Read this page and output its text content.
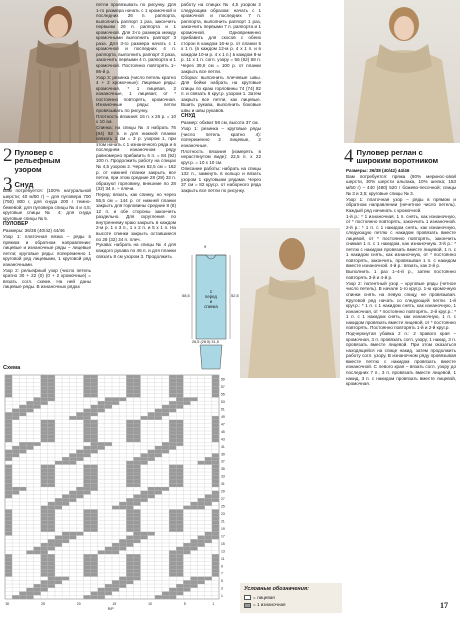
2 Пуловер с рельефным узором
3 Снуд

Вам потребуется: (100% натуральной шерсти; 40 м/50 г) – для пуловера 700 (750) 800 г, для снуда 200 г темно-бежевой; для пуловера спицы № 4 и 4,5; круговые спицы № 4; для снуда круговые спицы № 5.

ПУЛОВЕР

Размеры: 36/38 (40/42) 44/46

Узор 1: платочная вязка – ряды в прямом и обратном направлении: лицевые и изнаночные ряды – лицевые петли; круговые ряды: попеременно 1 круговой ряд лицевыми, 1 круговой ряд изнаночными.

Узор 2: рельефный узор (число петель кратно 30 + 22 (0) (0 + 2 кромочные) = вязать согл. схеме. На ней даны лицевые ряды. В изнаночных рядах

петли провязывать по рисунку. Для 1-го размера начать с 1 кромочной и последних 26 п. раппорта, выполнить раппорт 1 раз, закончить первыми 26 п. раппорта и 1 кромочной. Для 2-го размера между кромочными выполнить раппорт 3 раза. Для 3-го размера начать с 1 кромочной и последних 4 п. раппорта, выполнить раппорт 3 раза, закончить первыми 4 п. раппорта и 1 кромочной. Постоянно повторять 1–86-й р.

Узор 3: резинка (число петель кратно 4 + 2 кромочные): Лицевые ряды: кромочная, * 1 лицевая, 2 изнаночные, 1 лицевая; от * постоянно повторять, кромочная. Изнаночные ряды: петли провязывать по рисунку.

Плотность вязания: 16 п. х 26 р. = 10 х 10 см.

Спинка: на спицы № 4 набрать 76 (84) 92 п. и для нижней планки связать 1 см = 3 р. узором 1, при этом начать с 1 изнаночного ряда и в последнем изнаночном ряду равномерно прибавить 5 п. = 84 (92) 100 п. Продолжить работу на спицах № 4,5 узором 2. Через 62,5 см = 162 р. от нижней планки закрыть все петли, при этом средние 28 (28) 32 п. образуют горловину, внешние по 28 (32) 34 п. – плечи.

Перед: вязать, как спинку, но через 55,5 см = 144 р. от нижней планки закрыть для горловины средние 8 (8) 12 п. и обе стороны закончить раздельно. Для скругления по внутреннему краю закрыть в каждом 2-м р. 1 х 3 п., 1 х 2 п. и 5 х 1 п. На высоте спинки закрыть оставшиеся по 28 (32) 34 п. плеч.

Рукава: набрать на спицы № 4 для каждого рукава по 46 п. и для планки связать 8 см узором 3. Продолжить

работу на спицах № 4,5 узором 2 следующим образом: начать с 1 кромочной и последних 7 п. раппорта, выполнить раппорт 1 раз, закончить первыми 7 п. раппорта и 1 кромочной. Одновременно прибавить для скосов с обеих сторон в каждом 16-м р. от планки 5 х 1 п. (в каждом 12-м р. 4 х 1 п. и в каждом 10-м р. 4 х 1 п.) в каждом 8-м р. 11 х 1 п. согл. узору = 56 (62) 68 п. Через 39,5 см = 100 р. от планки закрыть все петли.

Сборка: выполнить плечевые швы. Для бейки набрать на круговые спицы по краю горловины 74 (74) 82 п. и связать 6 круг.р. узором 1. Затем закрыть все петли, как лицевые. Вшить рукава, выполнить боковые швы и швы рукавов.

СНУД

Размер: обхват 58 см, высота 37 см.

Узор 1: резинка – круговые ряды (число петель кратно 4): попеременно 2 лицевые, 2 изнаночные.

Плотность вязания (измерять в нерастянутом виде): 22,5 п. х 22 круг.р. = 10 х 10 см.

Описание работы: набрать на спицы 132 п., замкнуть в кольцо и вязать узором 1 круговыми рядами. Через 37 см = 82 круг.р. от наборного ряда закрыть все петли по рисунку.

4 Пуловер реглан с широким воротником

Размеры: 36/38 (40/42) 44/46

Вам потребуется: пряжа (60% меринос-овой шерсти, 30% шерсти альпака, 10% шелка; 153 м/50 г) – 440 (480) 520 г божево-песочной; спицы № 3 и 3,5; круговые спицы № 3.

Узор 1: платочная узор – ряды в прямом и обратном направлении (нечетное число петель). Каждый ряд начинать с кромочной.

1-й р.: * 1 изнаночная, 1 п. снять, как изнаночную, от * постоянно повторять, закончить 1 изнаночной. 2-й р.: * 1 п. с 1 накидом снять, как изнаночную, следующую петлю с накидом провязать вместе лицевой, от * постоянно повторять, закончить снимая 1 п. с 1 накидом, как изнаночную. 3-й р.: * петлю с накидом провязать вместе лицевой, 1 п. с 1 накидом снять, как изнаночную, от * постоянно повторять, закончить, провязывая 1 п. с накидом вместе изнаночной. 4-й р.: вязать, как 2-й р.

Выполнить 1 раз 1–4-й р., затем постоянно повторять 3-й и 4-й р.

Узор 2: патентный узор – круговые ряды (четное число петель). В начале 1-го круг.р. 1-ю кромочную спинки снять на левую спицу, не провязывая. Круговой ряд начать со следующей петли. 1-й круг.р.: * 1 п. с 1 накидом снять, как изнаночную, 1 изнаночная, от * постоянно повторять. 2-й круг.р.: * 1 п. с 1 накидом снять, как изнаночную, 1 п. с накидом провязать вместе лицевой, от * постоянно повторять. Постоянно повторять 1-й и 2-й круг.р.

Подчеркнутая убавка 2 п.: 2 правого края – кромочная, 3 п. провязать согл. узору, 1 накид, 3 п. провязать вместе лицевой. При этом оказаться находящейся на спице накид, затем продолжить работу согл. узору. В изнаночном ряду провязывая вместе петлю с накидом провязать вместе изнаночной. С левого края – вязать согл. узору до последних 7 п., 3 п. провязать вместе лицевой, 1 накид, 3 п. с накидом провязать вместе лицевой, кромочная.

1
перед
и
спинка
9
58,5	52,5
26,5 (28,5) 31,5
Схема
59
57
55
53
51
49
47
45
43
41
39
37
35
33
31
29
27
25
23
21
19
17
15
13
11
9
7
5
3
1
30	25	20	15	10	5	1
R/P
Условные обозначения:
= лицевая
= 1 изнаночная	17
